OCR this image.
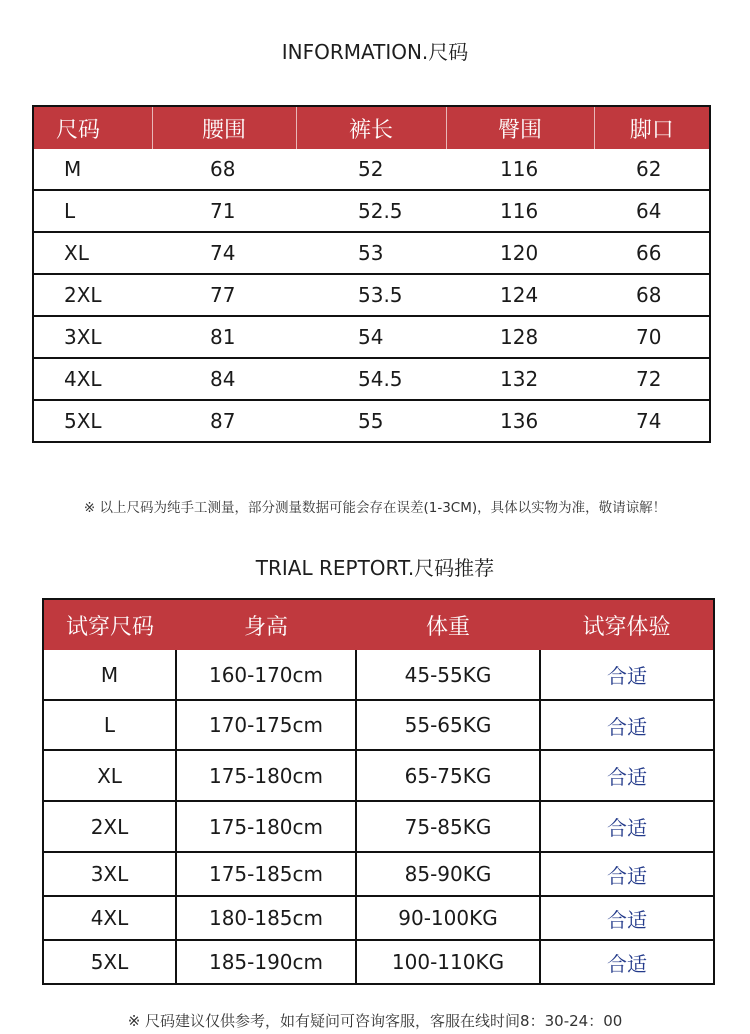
INFORMATION.尺码
尺码	腰围	裤长	臀围	脚口
M	68	52	116	62
L	71	52.5	116	64
XL	74	53	120	66
2XL	77	53.5	124	68
3XL	81	54	128	70
4XL	84	54.5	132	72
5XL	87	55	136	74
※ 以上尺码为纯手工测量，部分测量数据可能会存在误差(1-3CM)，具体以实物为准，敬请谅解！
TRIAL REPTORT.尺码推荐
试穿尺码	身高	体重	试穿体验
M	160-170cm	45-55KG	合适
L	170-175cm	55-65KG	合适
XL	175-180cm	65-75KG	合适
2XL	175-180cm	75-85KG	合适
3XL	175-185cm	85-90KG	合适
4XL	180-185cm	90-100KG	合适
5XL	185-190cm	100-110KG	合适
※ 尺码建议仅供参考，如有疑问可咨询客服，客服在线时间8：30-24：00
